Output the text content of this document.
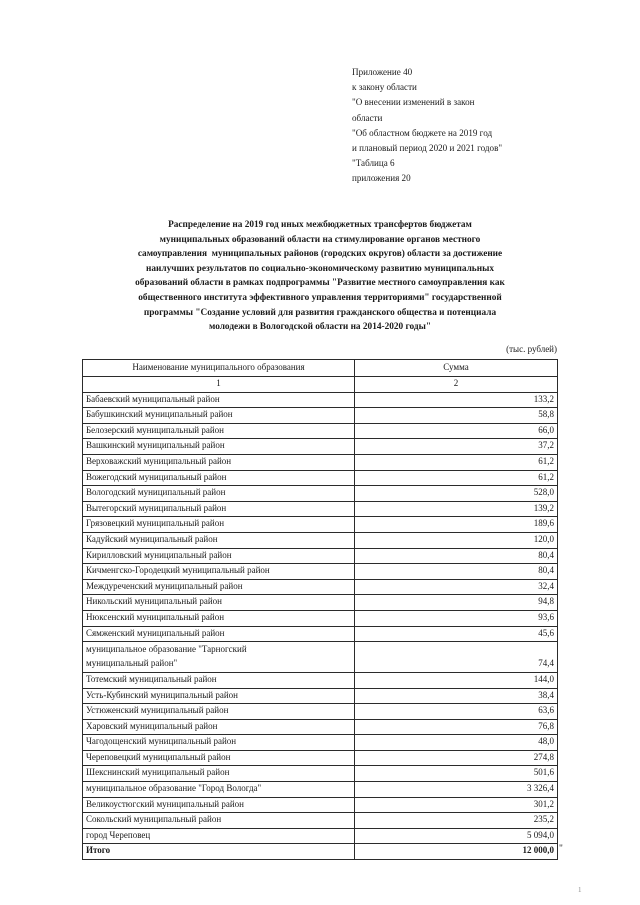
Приложение 40
к закону области
"О внесении изменений в закон
области
"Об областном бюджете на 2019 год
и плановый период 2020 и 2021 годов"
"Таблица 6
приложения 20
Распределение на 2019 год иных межбюджетных трансфертов бюджетам
муниципальных образований области на стимулирование органов местного
самоуправления  муниципальных районов (городских округов) области за достижение
наилучших результатов по социально-экономическому развитию муниципальных
образований области в рамках подпрограммы "Развитие местного самоуправления как
общественного института эффективного управления территориями" государственной
программы "Создание условий для развития гражданского общества и потенциала
молодежи в Вологодской области на 2014-2020 годы"
(тыс. рублей)
Наименование муниципального образования	Сумма
1	2
Бабаевский муниципальный район	133,2
Бабушкинский муниципальный район	58,8
Белозерский муниципальный район	66,0
Вашкинский муниципальный район	37,2
Верховажский муниципальный район	61,2
Вожегодский муниципальный район	61,2
Вологодский муниципальный район	528,0
Вытегорский муниципальный район	139,2
Грязовецкий муниципальный район	189,6
Кадуйский муниципальный район	120,0
Кирилловский муниципальный район	80,4
Кичменгско-Городецкий муниципальный район	80,4
Междуреченский муниципальный район	32,4
Никольский муниципальный район	94,8
Нюксенский муниципальный район	93,6
Сямженский муниципальный район	45,6

муниципальное образование "Тарногский
муниципальный район"	74,4
Тотемский муниципальный район	144,0
Усть-Кубинский муниципальный район	38,4
Устюженский муниципальный район	63,6
Харовский муниципальный район	76,8
Чагодощенский муниципальный район	48,0
Череповецкий муниципальный район	274,8
Шекснинский муниципальный район	501,6
муниципальное образование "Город Вологда"	3 326,4
Великоустюгский муниципальный район	301,2
Сокольский муниципальный район	235,2
город Череповец	5 094,0
Итого	12 000,0 "
1
